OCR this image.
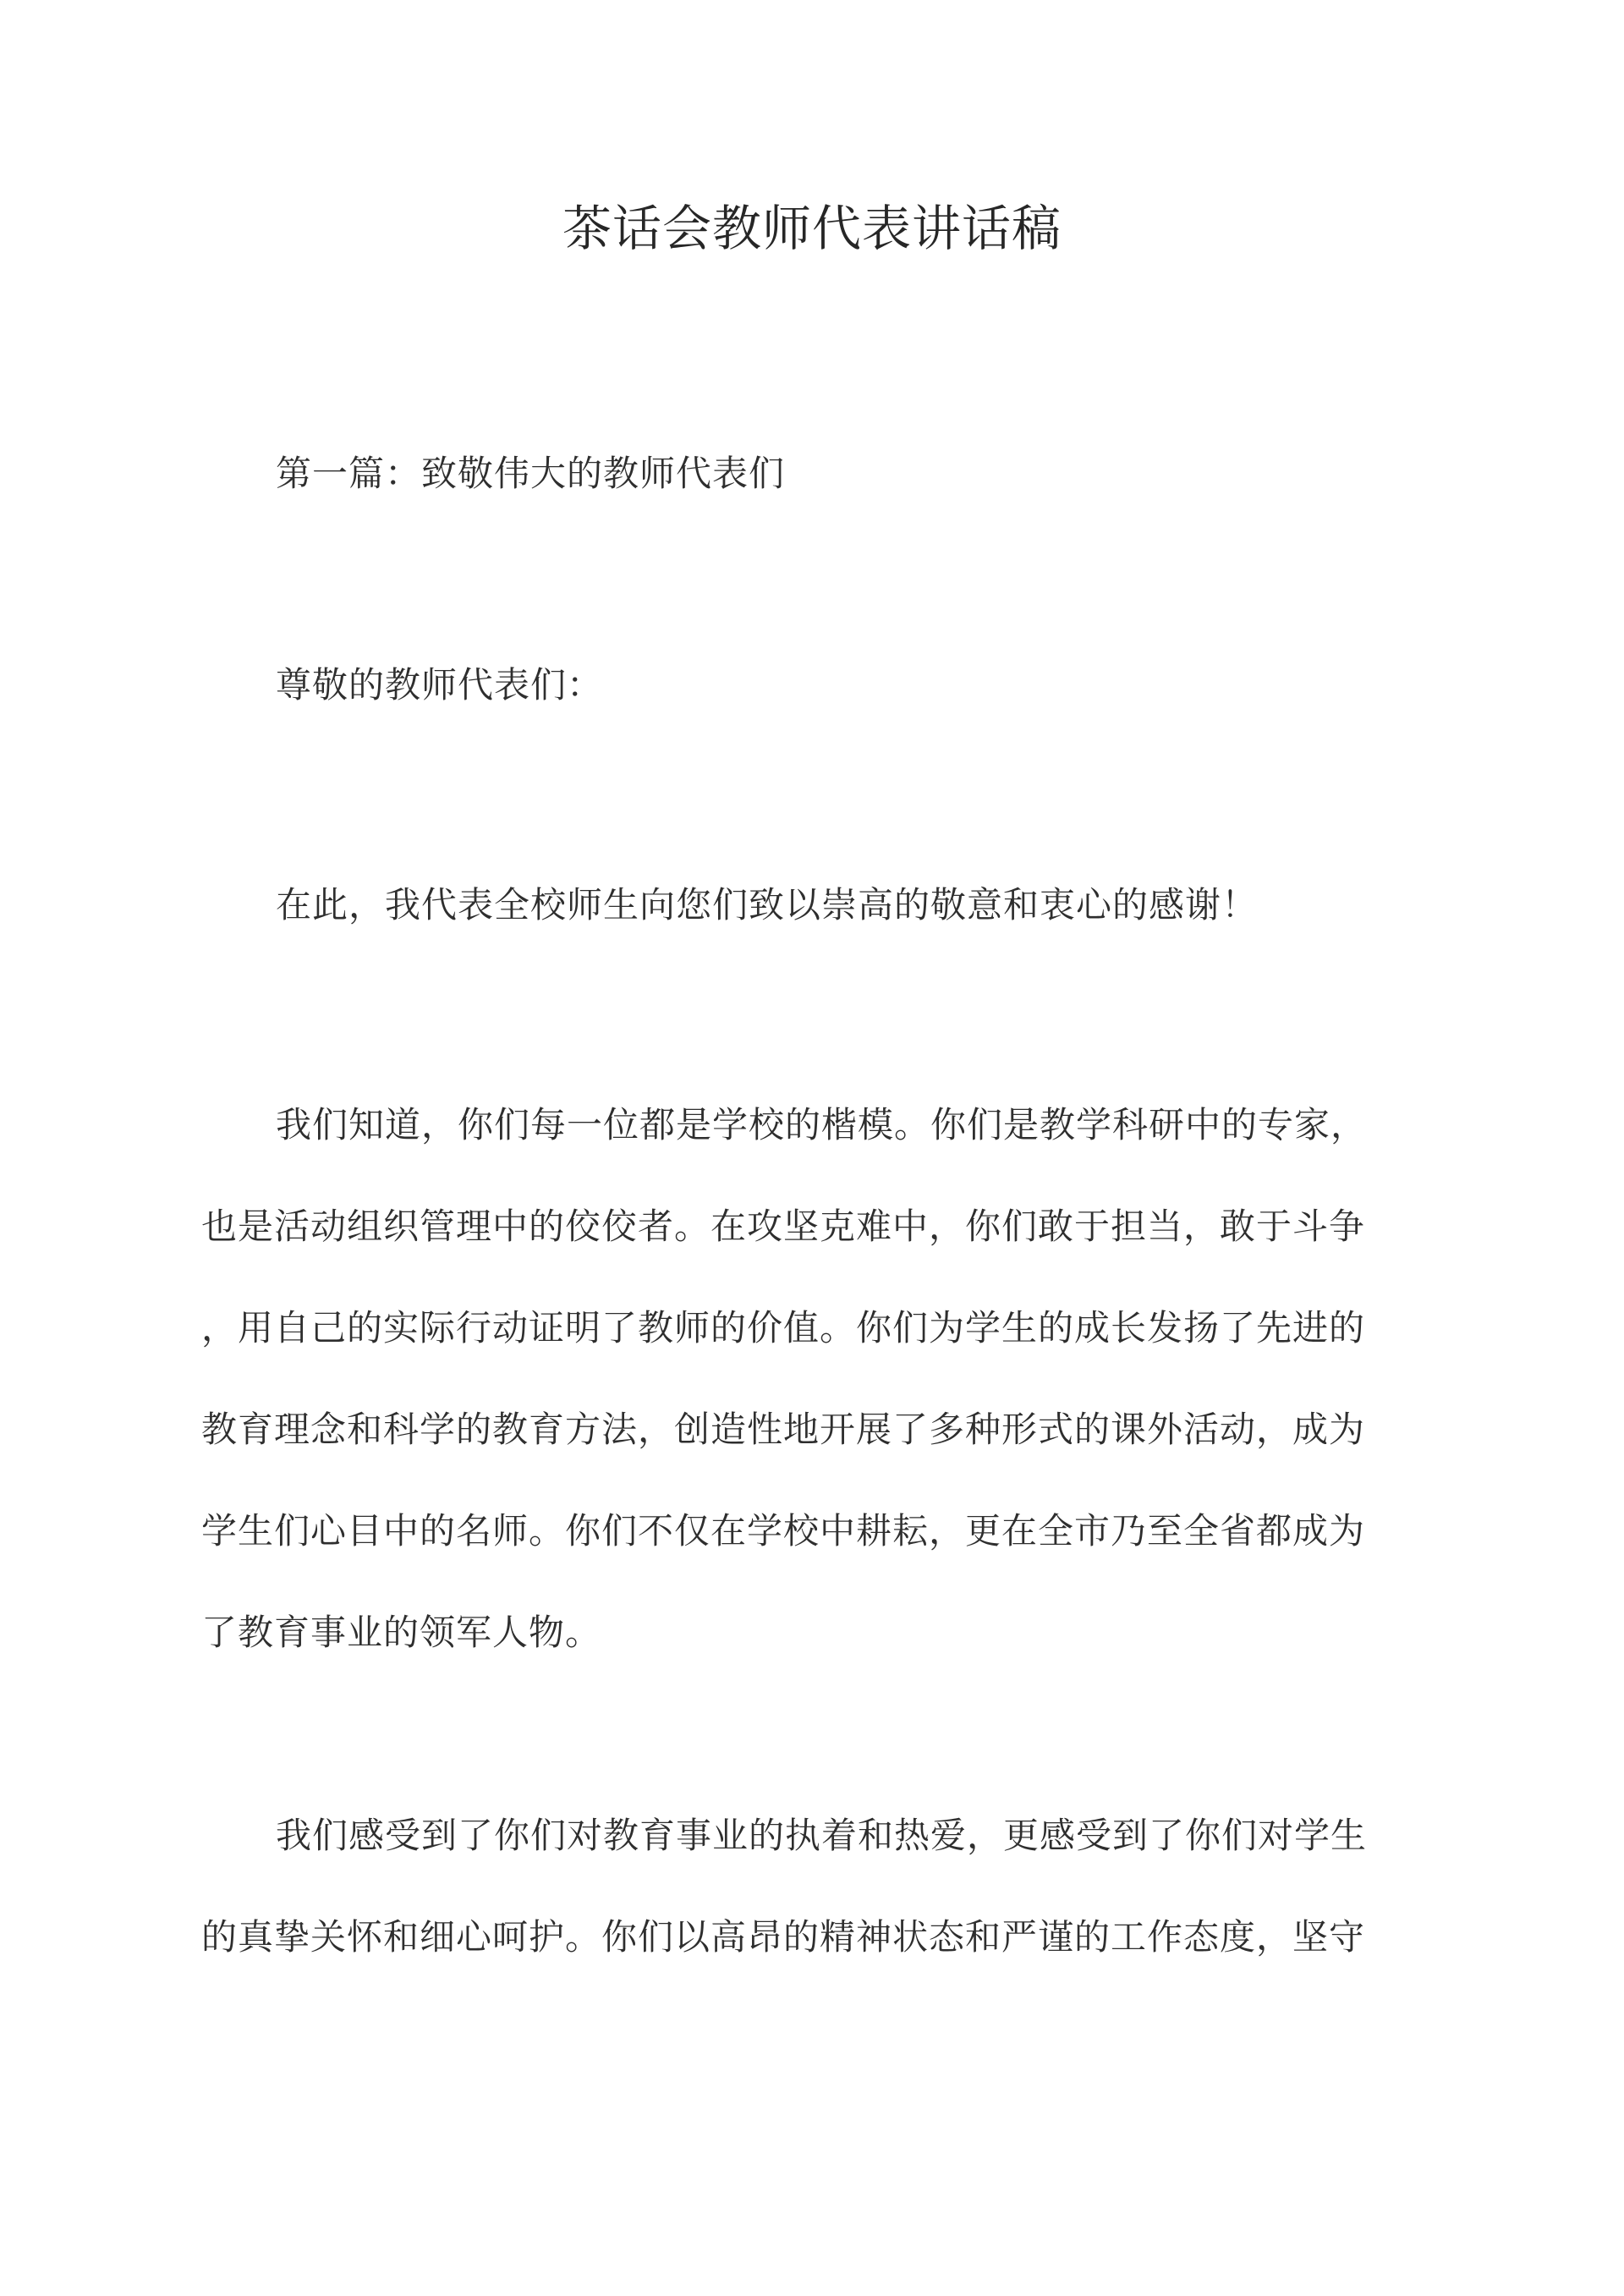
茶话会教师代表讲话稿

第一篇：致敬伟大的教师代表们

尊敬的教师代表们：

在此，我代表全校师生向您们致以崇高的敬意和衷心的感谢！

我们知道，你们每一位都是学校的楷模。你们是教学科研中的专家，
也是活动组织管理中的佼佼者。在攻坚克难中，你们敢于担当，敢于斗争
，用自己的实际行动证明了教师的价值。你们为学生的成长发扬了先进的
教育理念和科学的教育方法，创造性地开展了多种形式的课外活动，成为
学生们心目中的名师。你们不仅在学校中耕耘，更在全市乃至全省都成为
了教育事业的领军人物。
我们感受到了你们对教育事业的执着和热爱，更感受到了你们对学生
的真挚关怀和细心呵护。你们以高昂的精神状态和严谨的工作态度，坚守
